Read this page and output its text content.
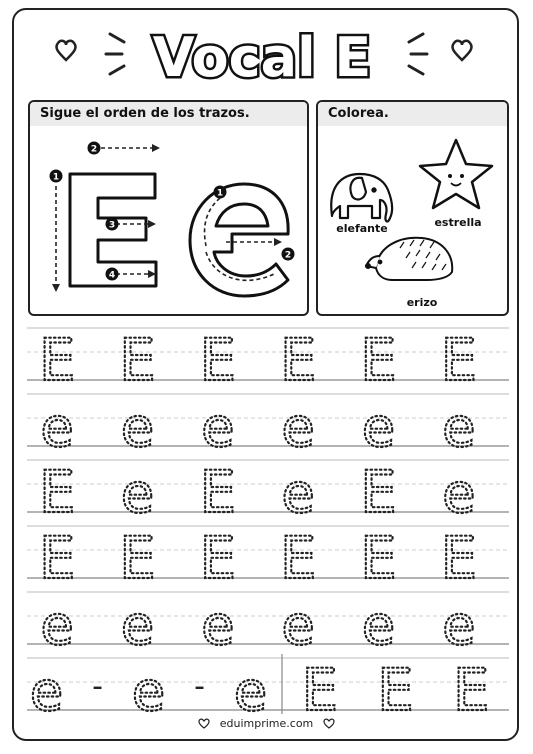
Vocal E
Sigue el orden de los trazos.
1
2
3
4
1
2
Colorea.
elefante	estrella
erizo
E E E E E E
e e e e e e
E e E e E e
E E E E E E
e e e e e e
e - e - e E E E
eduimprime.com
